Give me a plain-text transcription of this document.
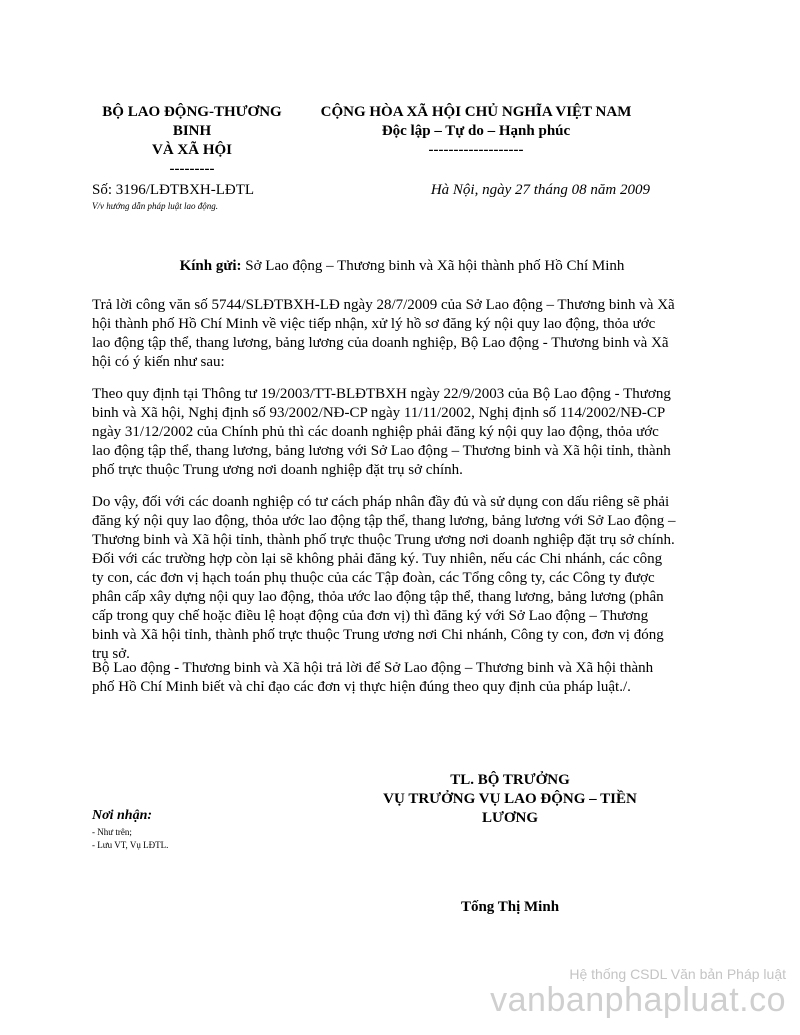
BỘ LAO ĐỘNG-THƯƠNG
BINH
VÀ XÃ HỘI
---------
CỘNG HÒA XÃ HỘI CHỦ NGHĨA VIỆT NAM
Độc lập – Tự do – Hạnh phúc
-------------------
Số: 3196/LĐTBXH-LĐTL
V/v hướng dẫn pháp luật lao động.
Hà Nội, ngày 27 tháng 08 năm 2009
Kính gửi: Sở Lao động – Thương binh và Xã hội thành phố Hồ Chí Minh
Trả lời công văn số 5744/SLĐTBXH-LĐ ngày 28/7/2009 của Sở Lao động – Thương binh và Xã
hội thành phố Hồ Chí Minh về việc tiếp nhận, xử lý hồ sơ đăng ký nội quy lao động, thỏa ước
lao động tập thể, thang lương, bảng lương của doanh nghiệp, Bộ Lao động - Thương binh và Xã
hội có ý kiến như sau:
Theo quy định tại Thông tư 19/2003/TT-BLĐTBXH ngày 22/9/2003 của Bộ Lao động - Thương
binh và Xã hội, Nghị định số 93/2002/NĐ-CP ngày 11/11/2002, Nghị định số 114/2002/NĐ-CP
ngày 31/12/2002 của Chính phủ thì các doanh nghiệp phải đăng ký nội quy lao động, thỏa ước
lao động tập thể, thang lương, bảng lương với Sở Lao động – Thương binh và Xã hội tỉnh, thành
phố trực thuộc Trung ương nơi doanh nghiệp đặt trụ sở chính.
Do vậy, đối với các doanh nghiệp có tư cách pháp nhân đầy đủ và sử dụng con dấu riêng sẽ phải
đăng ký nội quy lao động, thỏa ước lao động tập thể, thang lương, bảng lương với Sở Lao động –
Thương binh và Xã hội tỉnh, thành phố trực thuộc Trung ương nơi doanh nghiệp đặt trụ sở chính.
Đối với các trường hợp còn lại sẽ không phải đăng ký. Tuy nhiên, nếu các Chi nhánh, các công
ty con, các đơn vị hạch toán phụ thuộc của các Tập đoàn, các Tổng công ty, các Công ty được
phân cấp xây dựng nội quy lao động, thỏa ước lao động tập thể, thang lương, bảng lương (phân
cấp trong quy chế hoặc điều lệ hoạt động của đơn vị) thì đăng ký với Sở Lao động – Thương
binh và Xã hội tỉnh, thành phố trực thuộc Trung ương nơi Chi nhánh, Công ty con, đơn vị đóng
trụ sở.
Bộ Lao động - Thương binh và Xã hội trả lời để Sở Lao động – Thương binh và Xã hội thành
phố Hồ Chí Minh biết và chỉ đạo các đơn vị thực hiện đúng theo quy định của pháp luật./.
TL. BỘ TRƯỞNG
VỤ TRƯỞNG VỤ LAO ĐỘNG – TIỀN
LƯƠNG
Tống Thị Minh
Nơi nhận:
- Như trên;
- Lưu VT, Vụ LĐTL.
Hệ thống CSDL Văn bản Pháp luật
vanbanphapluat.co
